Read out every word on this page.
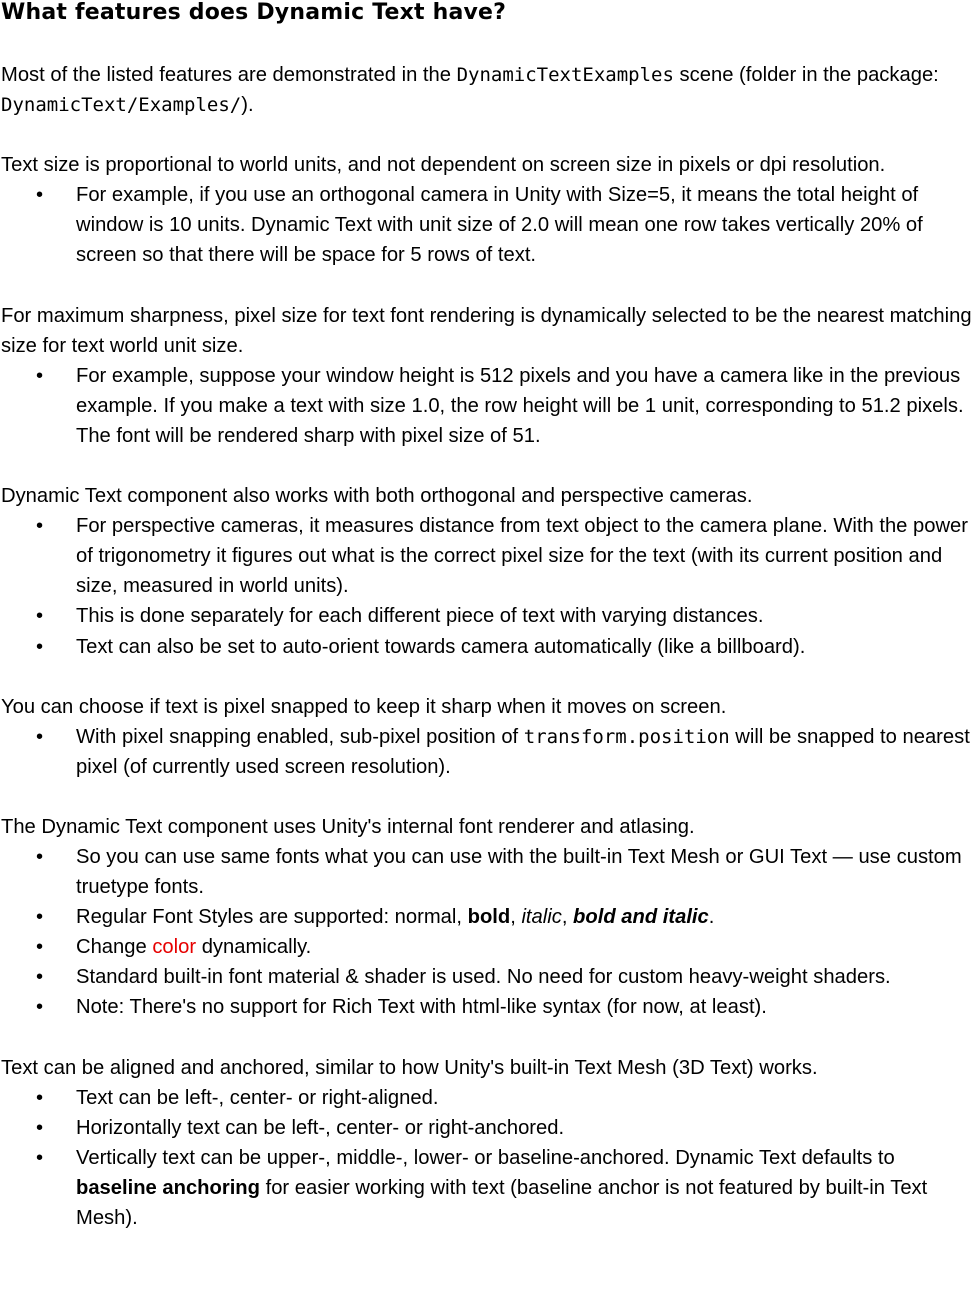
What features does Dynamic Text have?

Most of the listed features are demonstrated in the DynamicTextExamples scene (folder in the package: DynamicText/Examples/).

Text size is proportional to world units, and not dependent on screen size in pixels or dpi resolution.

• For example, if you use an orthogonal camera in Unity with Size=5, it means the total height of window is 10 units. Dynamic Text with unit size of 2.0 will mean one row takes vertically 20% of screen so that there will be space for 5 rows of text.

For maximum sharpness, pixel size for text font rendering is dynamically selected to be the nearest matching size for text world unit size.

• For example, suppose your window height is 512 pixels and you have a camera like in the previous example. If you make a text with size 1.0, the row height will be 1 unit, corresponding to 51.2 pixels. The font will be rendered sharp with pixel size of 51.

Dynamic Text component also works with both orthogonal and perspective cameras.

• For perspective cameras, it measures distance from text object to the camera plane. With the power of trigonometry it figures out what is the correct pixel size for the text (with its current position and size, measured in world units).
• This is done separately for each different piece of text with varying distances.
• Text can also be set to auto-orient towards camera automatically (like a billboard).

You can choose if text is pixel snapped to keep it sharp when it moves on screen.

• With pixel snapping enabled, sub-pixel position of transform.position will be snapped to nearest pixel (of currently used screen resolution).

The Dynamic Text component uses Unity's internal font renderer and atlasing.

• So you can use same fonts what you can use with the built-in Text Mesh or GUI Text — use custom truetype fonts.
• Regular Font Styles are supported: normal, bold, italic, bold and italic.
• Change color dynamically.
• Standard built-in font material & shader is used. No need for custom heavy-weight shaders.
• Note: There's no support for Rich Text with html-like syntax (for now, at least).

Text can be aligned and anchored, similar to how Unity's built-in Text Mesh (3D Text) works.

• Text can be left-, center- or right-aligned.
• Horizontally text can be left-, center- or right-anchored.
• Vertically text can be upper-, middle-, lower- or baseline-anchored. Dynamic Text defaults to baseline anchoring for easier working with text (baseline anchor is not featured by built-in Text Mesh).
